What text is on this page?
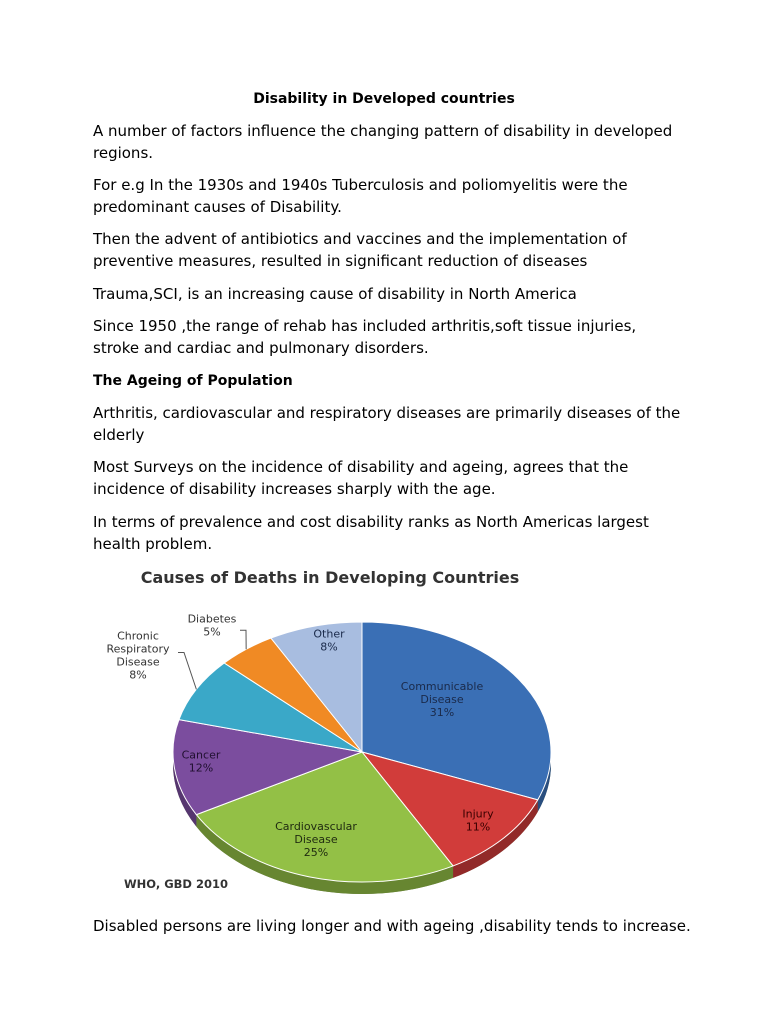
Disability in Developed countries

A number of factors influence the changing pattern of disability in developed regions.

For e.g In the 1930s and 1940s Tuberculosis and poliomyelitis were the predominant causes of Disability.

Then the advent of antibiotics and vaccines and the implementation of preventive measures, resulted in significant reduction of diseases

Trauma,SCI, is an increasing cause of disability in North America

Since 1950 ,the range of rehab has included arthritis,soft tissue injuries, stroke and cardiac and pulmonary disorders.

The Ageing of Population

Arthritis, cardiovascular and respiratory diseases are primarily diseases of the elderly

Most Surveys on the incidence of disability and ageing, agrees that the incidence of disability increases sharply with the age.

In terms of prevalence and cost disability ranks as North Americas largest health problem.

Causes of Deaths in Developing Countries
Communicable
Disease
31%
Injury
11%
Cardiovascular
Disease
25%
Cancer
12%
Chronic
Respiratory
Disease
8%
Diabetes
5%	Other
8%
WHO, GBD 2010

Disabled persons are living longer and with ageing ,disability tends to increase.
